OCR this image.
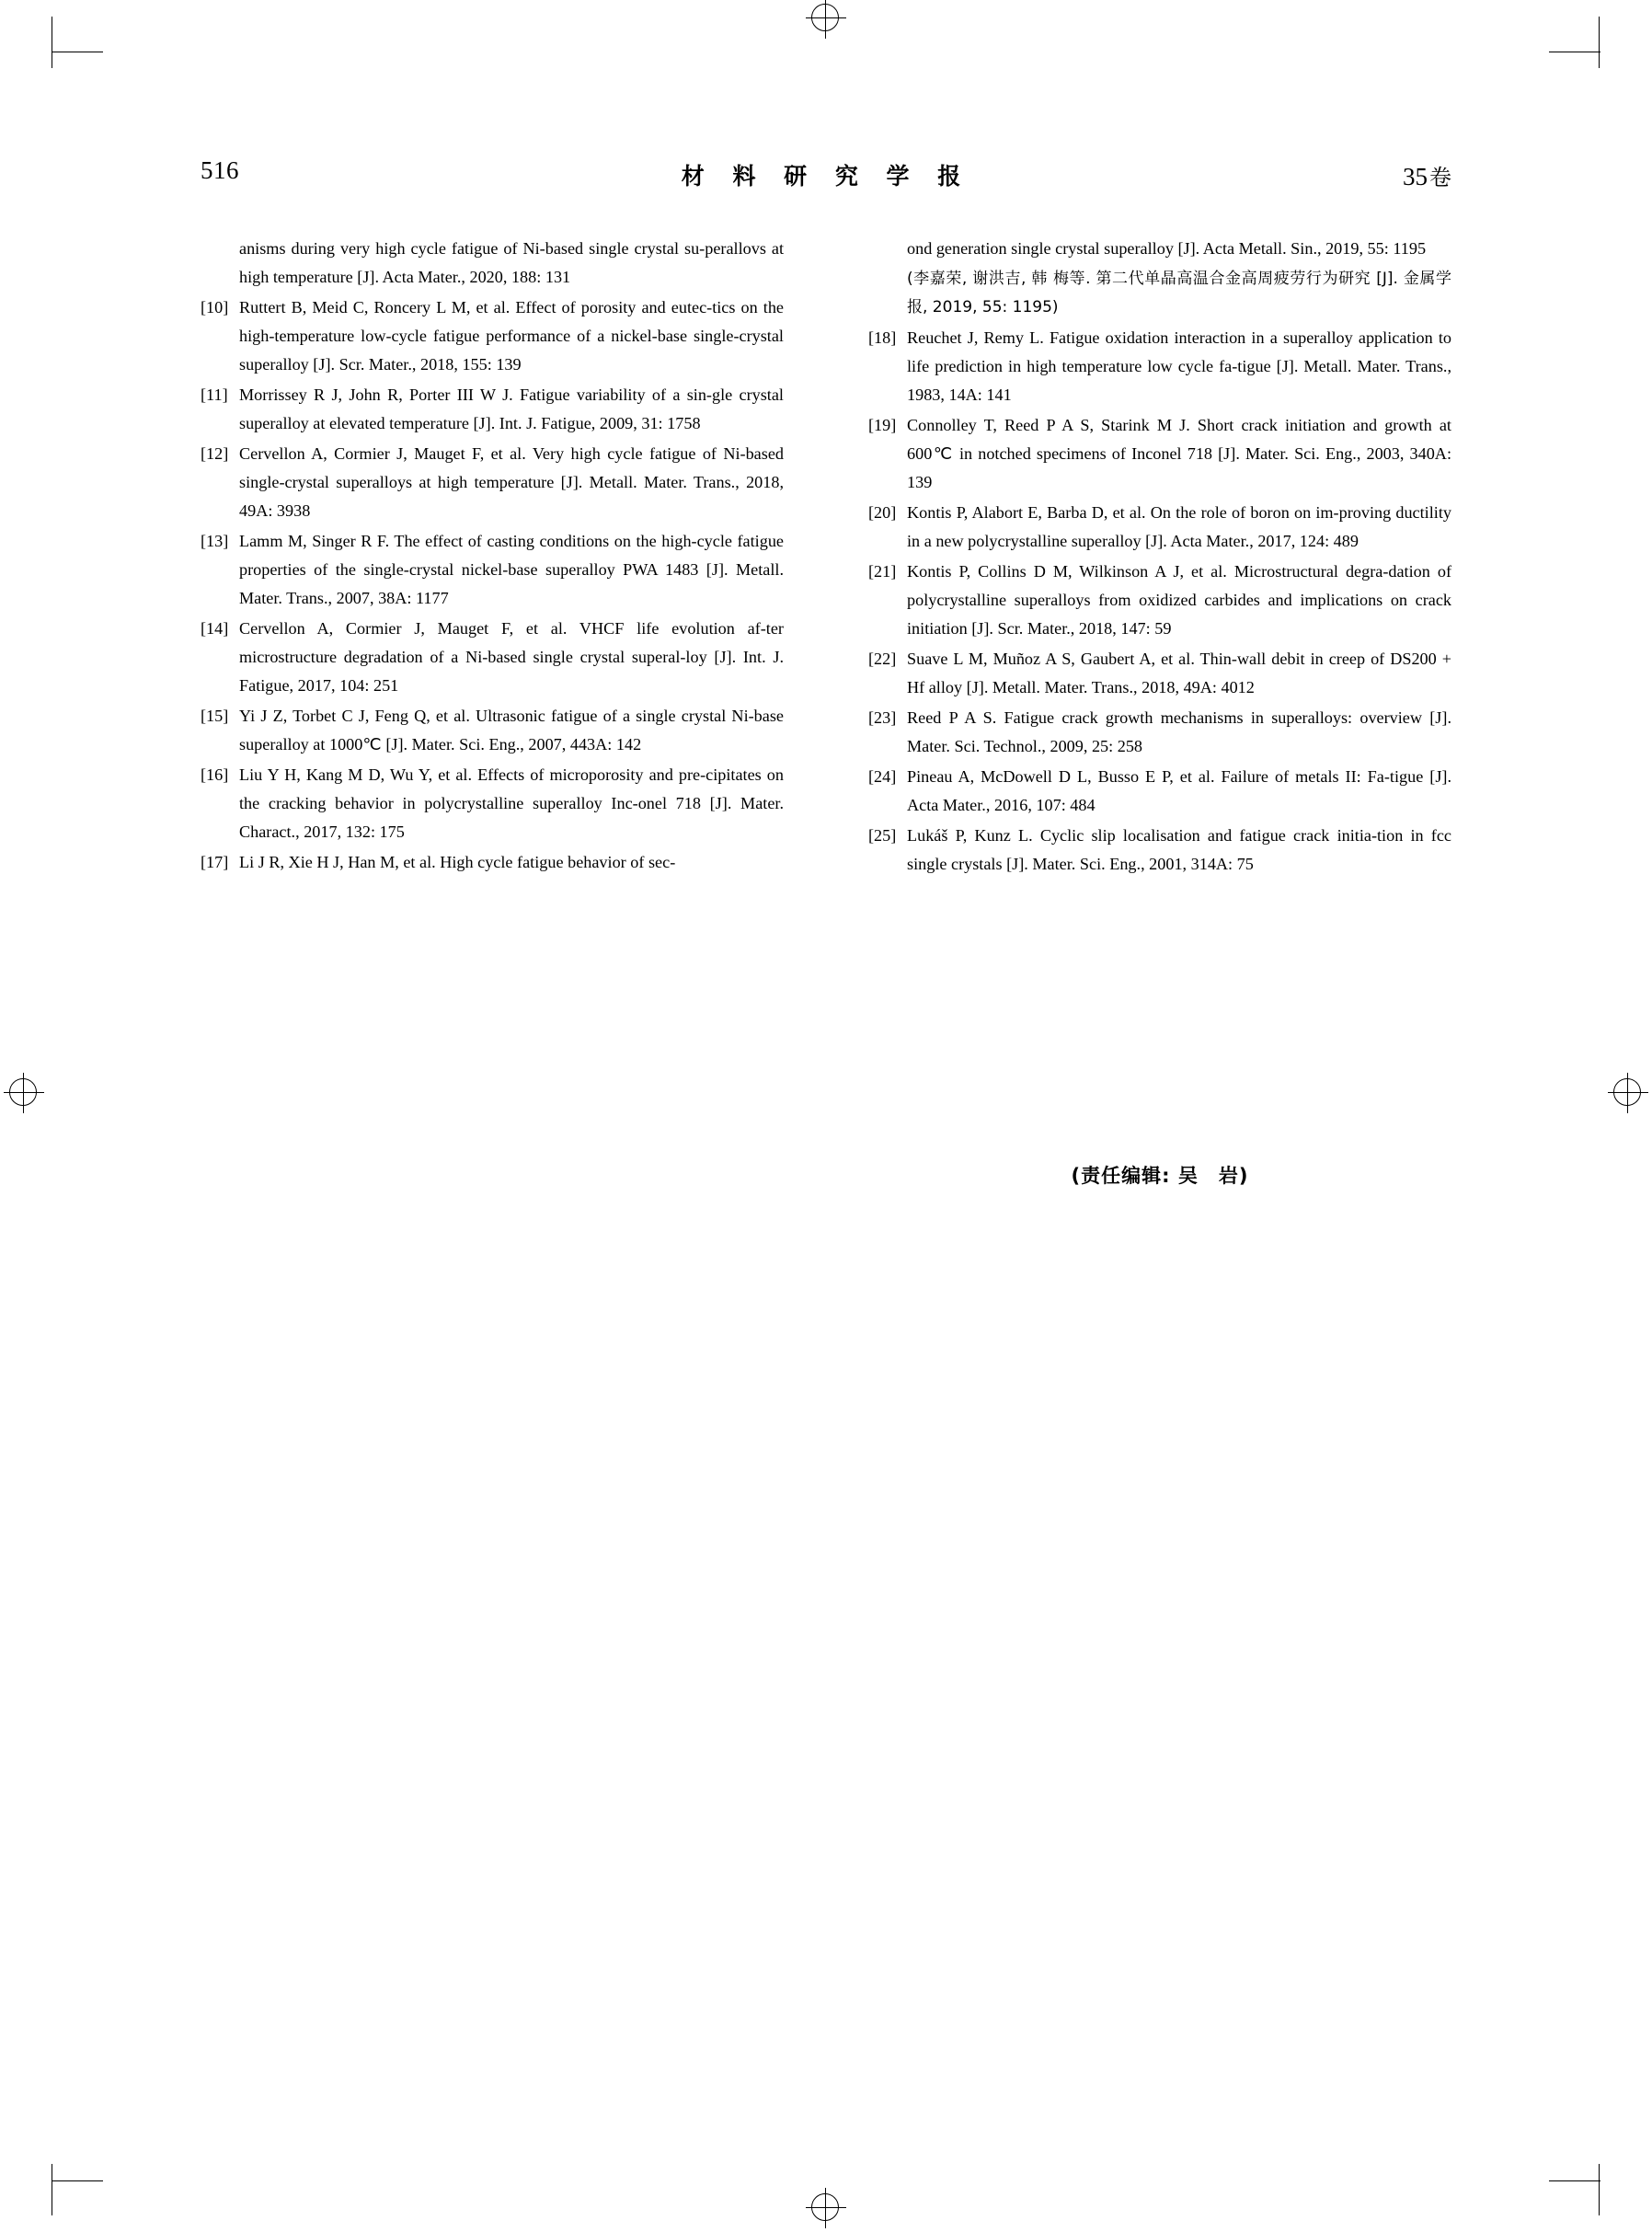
516	材 料 研 究 学 报	35卷
anisms during very high cycle fatigue of Ni-based single crystal su-perallovs at high temperature [J]. Acta Mater., 2020, 188: 131
[10] Ruttert B, Meid C, Roncery L M, et al. Effect of porosity and eutec-tics on the high-temperature low-cycle fatigue performance of a nickel-base single-crystal superalloy [J]. Scr. Mater., 2018, 155: 139
[11] Morrissey R J, John R, Porter III W J. Fatigue variability of a sin-gle crystal superalloy at elevated temperature [J]. Int. J. Fatigue, 2009, 31: 1758
[12] Cervellon A, Cormier J, Mauget F, et al. Very high cycle fatigue of Ni-based single-crystal superalloys at high temperature [J]. Metall. Mater. Trans., 2018, 49A: 3938
[13] Lamm M, Singer R F. The effect of casting conditions on the high-cycle fatigue properties of the single-crystal nickel-base superalloy PWA 1483 [J]. Metall. Mater. Trans., 2007, 38A: 1177
[14] Cervellon A, Cormier J, Mauget F, et al. VHCF life evolution af-ter microstructure degradation of a Ni-based single crystal superal-loy [J]. Int. J. Fatigue, 2017, 104: 251
[15] Yi J Z, Torbet C J, Feng Q, et al. Ultrasonic fatigue of a single crystal Ni-base superalloy at 1000℃ [J]. Mater. Sci. Eng., 2007, 443A: 142
[16] Liu Y H, Kang M D, Wu Y, et al. Effects of microporosity and pre-cipitates on the cracking behavior in polycrystalline superalloy Inc-onel 718 [J]. Mater. Charact., 2017, 132: 175
[17] Li J R, Xie H J, Han M, et al. High cycle fatigue behavior of sec-
ond generation single crystal superalloy [J]. Acta Metall. Sin., 2019, 55: 1195
(李嘉荣, 谢洪吉, 韩 梅等. 第二代单晶高温合金高周疲劳行为研究 [J]. 金属学报, 2019, 55: 1195)
[18] Reuchet J, Remy L. Fatigue oxidation interaction in a superalloy application to life prediction in high temperature low cycle fa-tigue [J]. Metall. Mater. Trans., 1983, 14A: 141
[19] Connolley T, Reed P A S, Starink M J. Short crack initiation and growth at 600℃ in notched specimens of Inconel 718 [J]. Mater. Sci. Eng., 2003, 340A: 139
[20] Kontis P, Alabort E, Barba D, et al. On the role of boron on im-proving ductility in a new polycrystalline superalloy [J]. Acta Mater., 2017, 124: 489
[21] Kontis P, Collins D M, Wilkinson A J, et al. Microstructural degra-dation of polycrystalline superalloys from oxidized carbides and implications on crack initiation [J]. Scr. Mater., 2018, 147: 59
[22] Suave L M, Muñoz A S, Gaubert A, et al. Thin-wall debit in creep of DS200 + Hf alloy [J]. Metall. Mater. Trans., 2018, 49A: 4012
[23] Reed P A S. Fatigue crack growth mechanisms in superalloys: overview [J]. Mater. Sci. Technol., 2009, 25: 258
[24] Pineau A, McDowell D L, Busso E P, et al. Failure of metals II: Fa-tigue [J]. Acta Mater., 2016, 107: 484
[25] Lukáš P, Kunz L. Cyclic slip localisation and fatigue crack initia-tion in fcc single crystals [J]. Mater. Sci. Eng., 2001, 314A: 75
(责任编辑: 吴　岩)
